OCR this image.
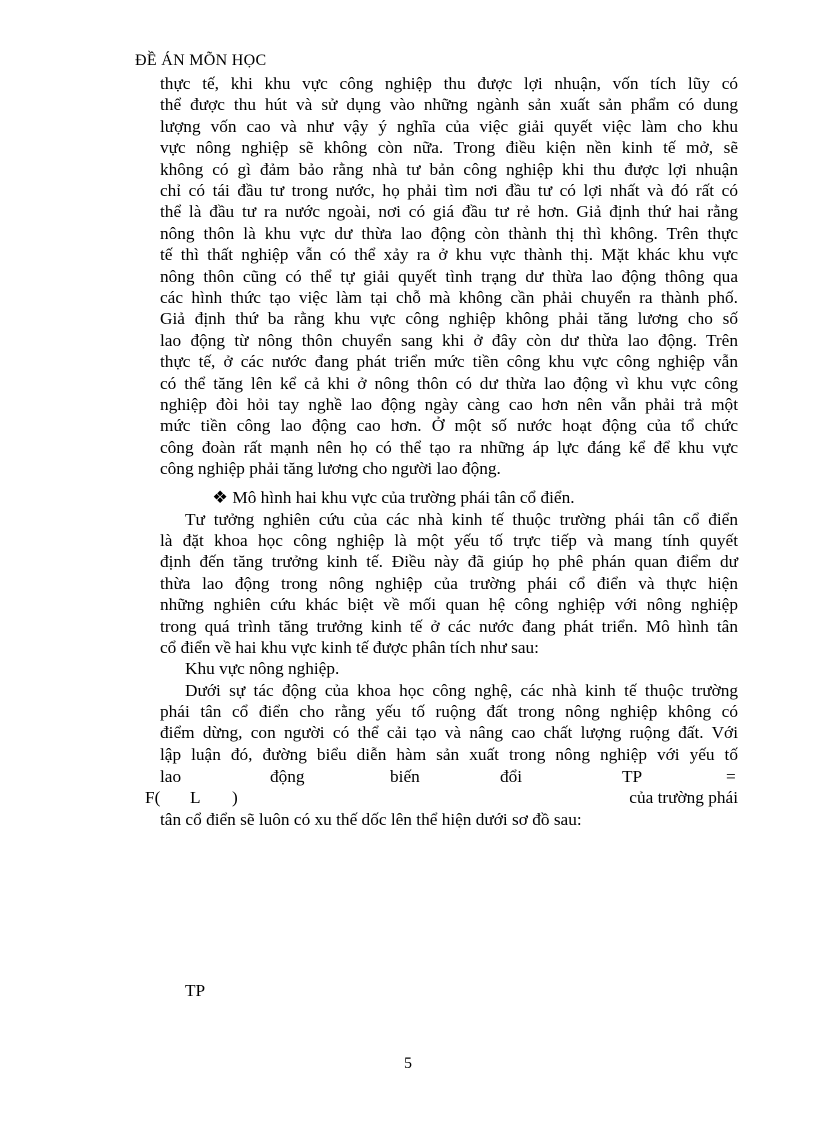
ĐỀ ÁN MÕN HỌC
thực tế, khi khu vực công nghiệp thu được lợi nhuận, vốn tích lũy có
thể được thu hút và sử dụng vào những ngành sản xuất sản phẩm có dung
lượng vốn cao và như vậy ý nghĩa của việc giải quyết việc làm cho khu
vực nông nghiệp sẽ không còn nữa. Trong điều kiện nền kinh tế mở, sẽ
không có gì đảm bảo rằng nhà tư bản công nghiệp khi thu được lợi nhuận
chỉ có tái đầu tư trong nước, họ phải tìm nơi đầu tư có lợi nhất và đó rất có
thể là đầu tư ra nước ngoài, nơi có giá đầu tư rẻ hơn. Giả định thứ hai rằng
nông thôn là khu vực dư thừa lao động còn thành thị thì không. Trên thực
tế thì thất nghiệp vẫn có thể xảy ra ở khu vực thành thị. Mặt khác khu vực
nông thôn cũng có thể tự giải quyết tình trạng dư thừa lao động thông qua
các hình thức tạo việc làm tại chỗ mà không cần phải chuyển ra thành phố.
Giả định thứ ba rằng khu vực công nghiệp không phải tăng lương cho số
lao động từ nông thôn chuyển sang khi ở đây còn dư thừa lao động. Trên
thực tế, ở các nước đang phát triển mức tiền công khu vực công nghiệp vẫn
có thể tăng lên kể cả khi ở nông thôn có dư thừa lao động vì khu vực công
nghiệp đòi hỏi tay nghề lao động ngày càng cao hơn nên vẫn phải trả một
mức tiền công lao động cao hơn. Ở một số nước hoạt động của tổ chức
công đoàn rất mạnh nên họ có thể tạo ra những áp lực đáng kể để khu vực
công nghiệp phải tăng lương cho người lao động.
❖ Mô hình hai khu vực của trường phái tân cổ điển.
Tư tưởng nghiên cứu của các nhà kinh tế thuộc trường phái tân cổ điển
là đặt khoa học công nghiệp là một yếu tố trực tiếp và mang tính quyết
định đến tăng trưởng kinh tế. Điều này đã giúp họ phê phán quan điểm dư
thừa lao động trong nông nghiệp của trường phái cổ điển và thực hiện
những nghiên cứu khác biệt về mối quan hệ công nghiệp với nông nghiệp
trong quá trình tăng trưởng kinh tế ở các nước đang phát triển. Mô hình tân
cổ điển về hai khu vực kinh tế được phân tích như sau:
Khu vực nông nghiệp.
Dưới sự tác động của khoa học công nghệ, các nhà kinh tế thuộc trường
phái tân cổ điển cho rằng yếu tố ruộng đất trong nông nghiệp không có
điểm dừng, con người có thể cải tạo và nâng cao chất lượng ruộng đất. Với
lập luận đó, đường biểu diễn hàm sản xuất trong nông nghiệp với yếu tố
lao	động	biến	đổi	TP	=
F( L )	của trường phái
tân cổ điển sẽ luôn có xu thế dốc lên thể hiện dưới sơ đồ sau:
TP
5
